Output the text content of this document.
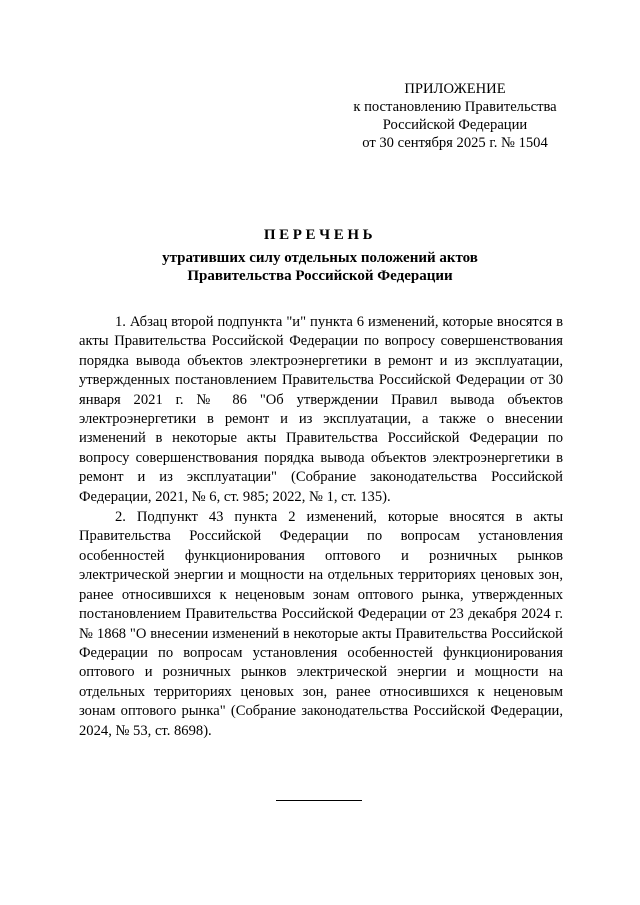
ПРИЛОЖЕНИЕ
к постановлению Правительства
Российской Федерации
от 30 сентября 2025 г. № 1504
ПЕРЕЧЕНЬ
утративших силу отдельных положений актов
Правительства Российской Федерации

1. Абзац второй подпункта "и" пункта 6 изменений, которые вносятся в акты Правительства Российской Федерации по вопросу совершенствования порядка вывода объектов электроэнергетики в ремонт и из эксплуатации, утвержденных постановлением Правительства Российской Федерации от 30 января 2021 г. № 86 "Об утверждении Правил вывода объектов электроэнергетики в ремонт и из эксплуатации, а также о внесении изменений в некоторые акты Правительства Российской Федерации по вопросу совершенствования порядка вывода объектов электроэнергетики в ремонт и из эксплуатации" (Собрание законодательства Российской Федерации, 2021, № 6, ст. 985; 2022, № 1, ст. 135).

2. Подпункт 43 пункта 2 изменений, которые вносятся в акты Правительства Российской Федерации по вопросам установления особенностей функционирования оптового и розничных рынков электрической энергии и мощности на отдельных территориях ценовых зон, ранее относившихся к неценовым зонам оптового рынка, утвержденных постановлением Правительства Российской Федерации от 23 декабря 2024 г. № 1868 "О внесении изменений в некоторые акты Правительства Российской Федерации по вопросам установления особенностей функционирования оптового и розничных рынков электрической энергии и мощности на отдельных территориях ценовых зон, ранее относившихся к неценовым зонам оптового рынка" (Собрание законодательства Российской Федерации, 2024, № 53, ст. 8698).
